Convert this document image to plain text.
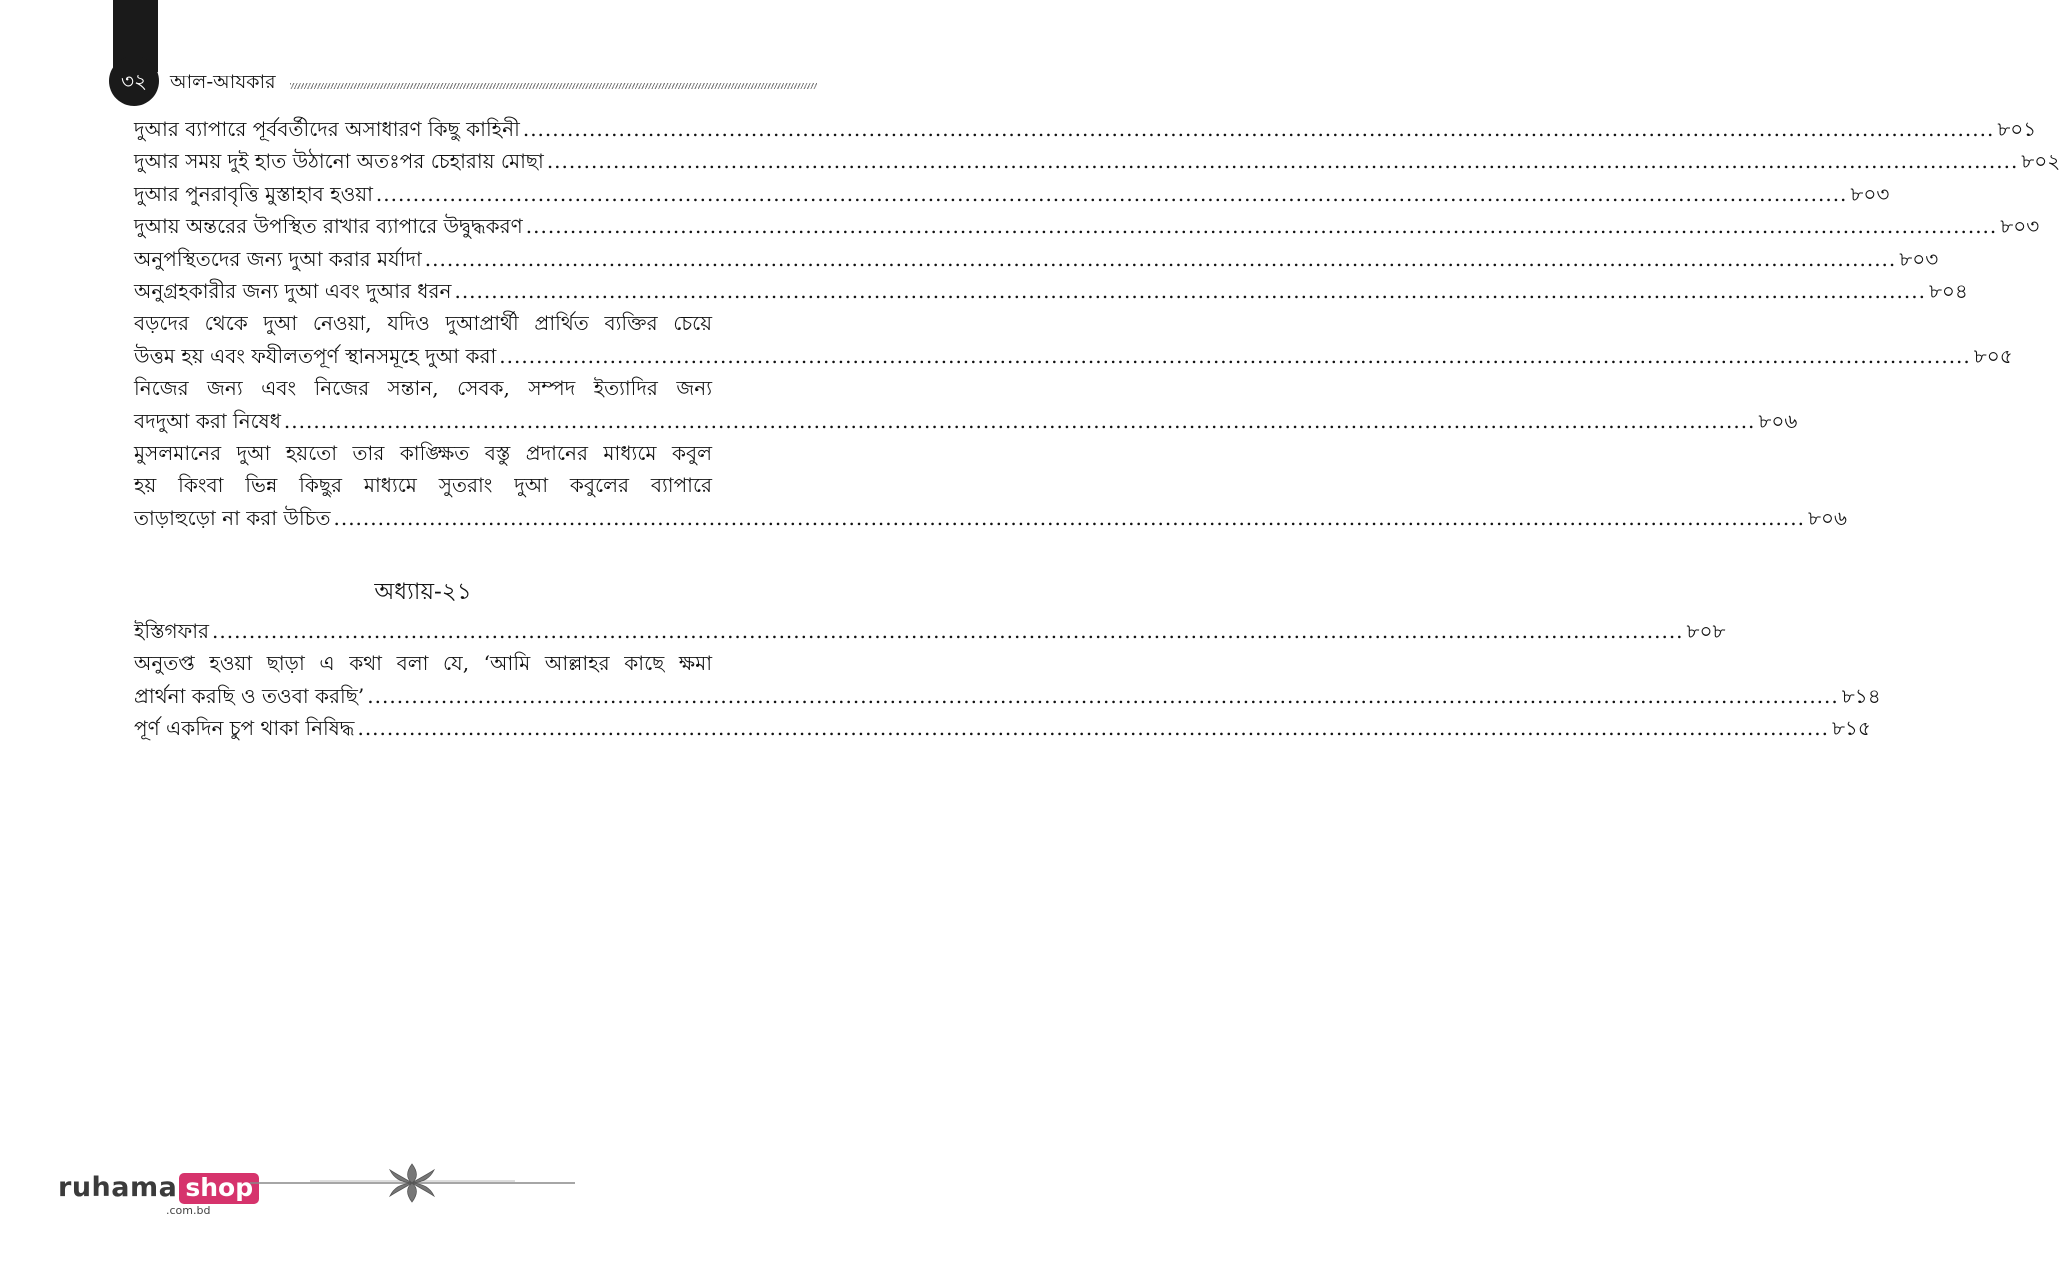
৩২	আল-আযকার
দুআর ব্যাপারে পূর্ববর্তীদের অসাধারণ কিছু কাহিনী ........................................................................................................................................................................................................ ৮০১
দুআর সময় দুই হাত উঠানো অতঃপর চেহারায় মোছা ........................................................................................................................................................................................................ ৮০২
দুআর পুনরাবৃত্তি মুস্তাহাব হওয়া ........................................................................................................................................................................................................ ৮০৩
দুআয় অন্তরের উপস্থিত রাখার ব্যাপারে উদ্বুদ্ধকরণ ........................................................................................................................................................................................................ ৮০৩
অনুপস্থিতদের জন্য দুআ করার মর্যাদা ........................................................................................................................................................................................................ ৮০৩
অনুগ্রহকারীর জন্য দুআ এবং দুআর ধরন ........................................................................................................................................................................................................ ৮০৪
বড়দের থেকে দুআ নেওয়া, যদিও দুআপ্রার্থী প্রার্থিত ব্যক্তির চেয়ে
উত্তম হয় এবং ফযীলতপূর্ণ স্থানসমূহে দুআ করা ........................................................................................................................................................................................................ ৮০৫
নিজের জন্য এবং নিজের সন্তান, সেবক, সম্পদ ইত্যাদির জন্য
বদদুআ করা নিষেধ ........................................................................................................................................................................................................ ৮০৬
মুসলমানের দুআ হয়তো তার কাঙ্ক্ষিত বস্তু প্রদানের মাধ্যমে কবুল
হয় কিংবা ভিন্ন কিছুর মাধ্যমে সুতরাং দুআ কবুলের ব্যাপারে
তাড়াহুড়ো না করা উচিত ........................................................................................................................................................................................................ ৮০৬
অধ্যায়-২১
ইস্তিগফার ........................................................................................................................................................................................................ ৮০৮
অনুতপ্ত হওয়া ছাড়া এ কথা বলা যে, ‘আমি আল্লাহর কাছে ক্ষমা
প্রার্থনা করছি ও তওবা করছি’ ........................................................................................................................................................................................................ ৮১৪
পূর্ণ একদিন চুপ থাকা নিষিদ্ধ ........................................................................................................................................................................................................ ৮১৫
ruhama shop
.com.bd
